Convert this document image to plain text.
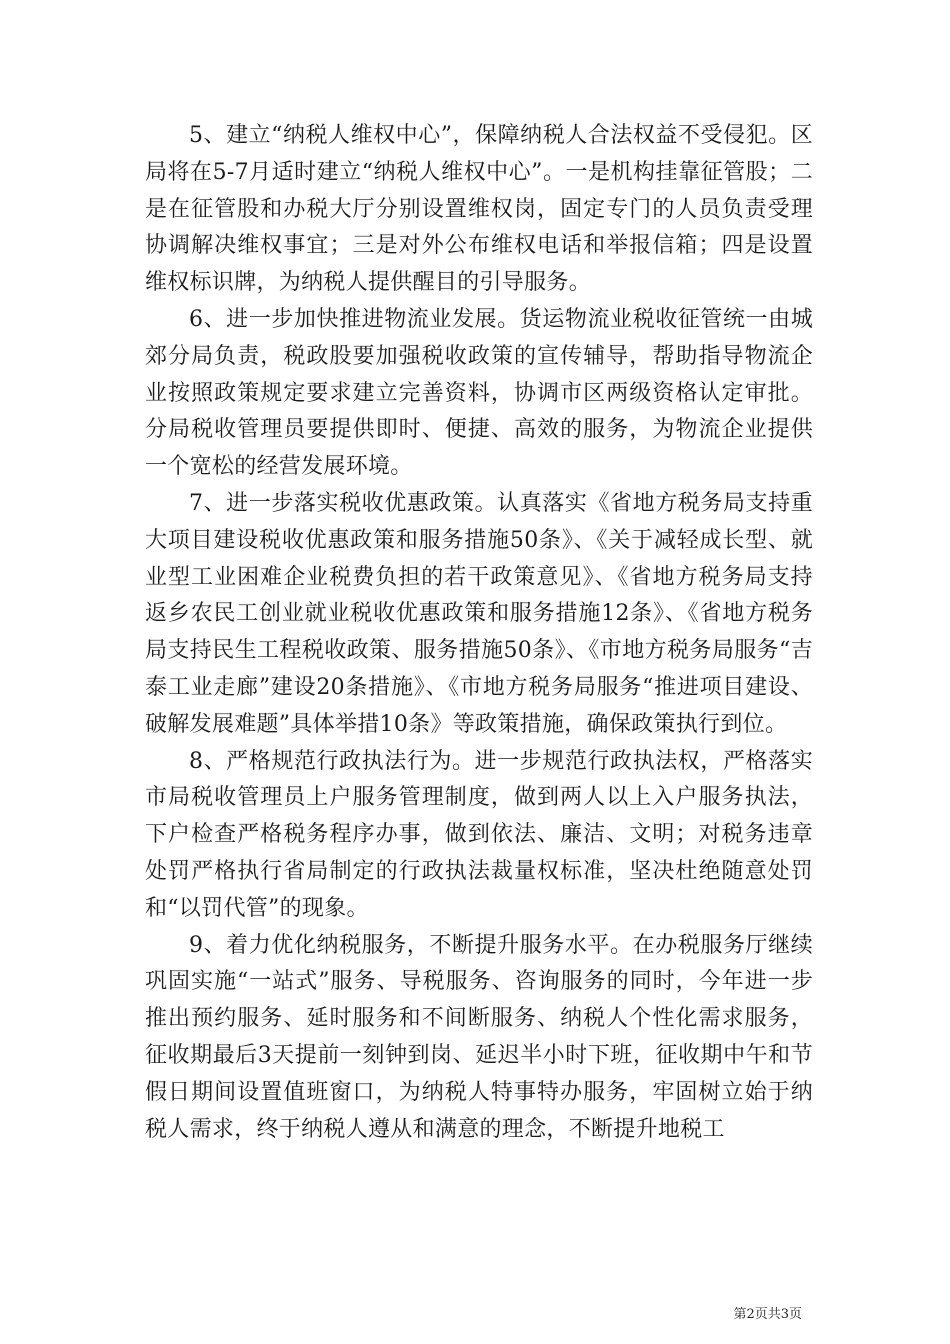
5、建立“纳税人维权中心”，保障纳税人合法权益不受侵犯。区局将在5-7月适时建立“纳税人维权中心”。一是机构挂靠征管股；二是在征管股和办税大厅分别设置维权岗，固定专门的人员负责受理协调解决维权事宜；三是对外公布维权电话和举报信箱；四是设置维权标识牌，为纳税人提供醒目的引导服务。

6、进一步加快推进物流业发展。货运物流业税收征管统一由城郊分局负责，税政股要加强税收政策的宣传辅导，帮助指导物流企业按照政策规定要求建立完善资料，协调市区两级资格认定审批。分局税收管理员要提供即时、便捷、高效的服务，为物流企业提供一个宽松的经营发展环境。

7、进一步落实税收优惠政策。认真落实《省地方税务局支持重大项目建设税收优惠政策和服务措施50条》、《关于减轻成长型、就业型工业困难企业税费负担的若干政策意见》、《省地方税务局支持返乡农民工创业就业税收优惠政策和服务措施12条》、《省地方税务局支持民生工程税收政策、服务措施50条》、《市地方税务局服务“吉泰工业走廊”建设20条措施》、《市地方税务局服务“推进项目建设、破解发展难题”具体举措10条》等政策措施，确保政策执行到位。

8、严格规范行政执法行为。进一步规范行政执法权，严格落实市局税收管理员上户服务管理制度，做到两人以上入户服务执法，下户检查严格税务程序办事，做到依法、廉洁、文明；对税务违章处罚严格执行省局制定的行政执法裁量权标准，坚决杜绝随意处罚和“以罚代管”的现象。

9、着力优化纳税服务，不断提升服务水平。在办税服务厅继续巩固实施“一站式”服务、导税服务、咨询服务的同时，今年进一步推出预约服务、延时服务和不间断服务、纳税人个性化需求服务，征收期最后3天提前一刻钟到岗、延迟半小时下班，征收期中午和节假日期间设置值班窗口，为纳税人特事特办服务，牢固树立始于纳税人需求，终于纳税人遵从和满意的理念，不断提升地税工

第2页共3页
